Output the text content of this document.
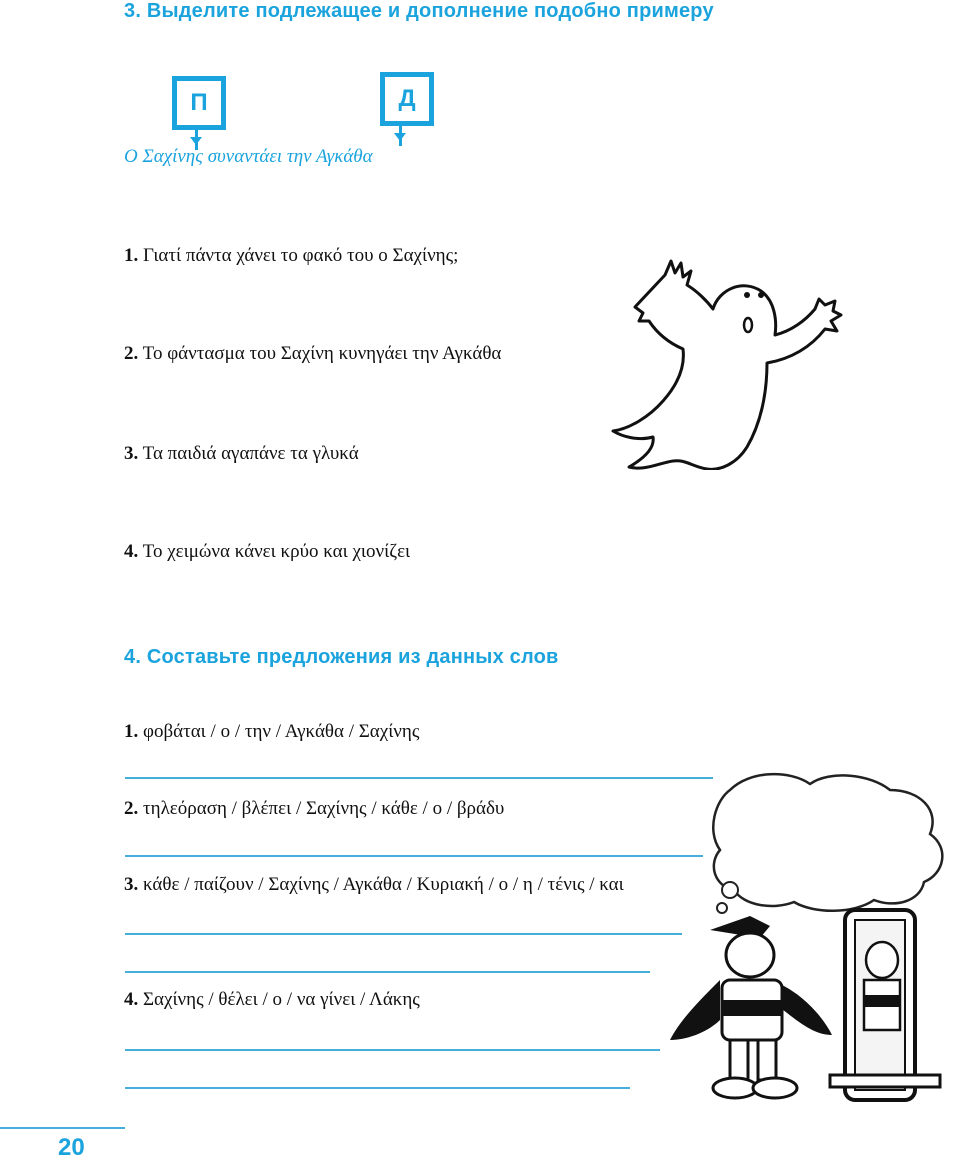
3. Выделите подлежащее и дополнение подобно примеру
П	Д
Ο Σαχίνης συναντάει την Αγκάθα
1. Γιατί πάντα χάνει το φακό του ο Σαχίνης;
2. Το φάντασμα του Σαχίνη κυνηγάει την Αγκάθα
3. Τα παιδιά αγαπάνε τα γλυκά
4. Το χειμώνα κάνει κρύο και χιονίζει
4. Составьте предложения из данных слов
1. φοβάται / ο / την / Αγκάθα / Σαχίνης
2. τηλεόραση / βλέπει / Σαχίνης / κάθε / ο / βράδυ
3. κάθε / παίζουν / Σαχίνης / Αγκάθα / Κυριακή / ο / η / τένις / και
4. Σαχίνης / θέλει / ο / να γίνει / Λάκης
20
